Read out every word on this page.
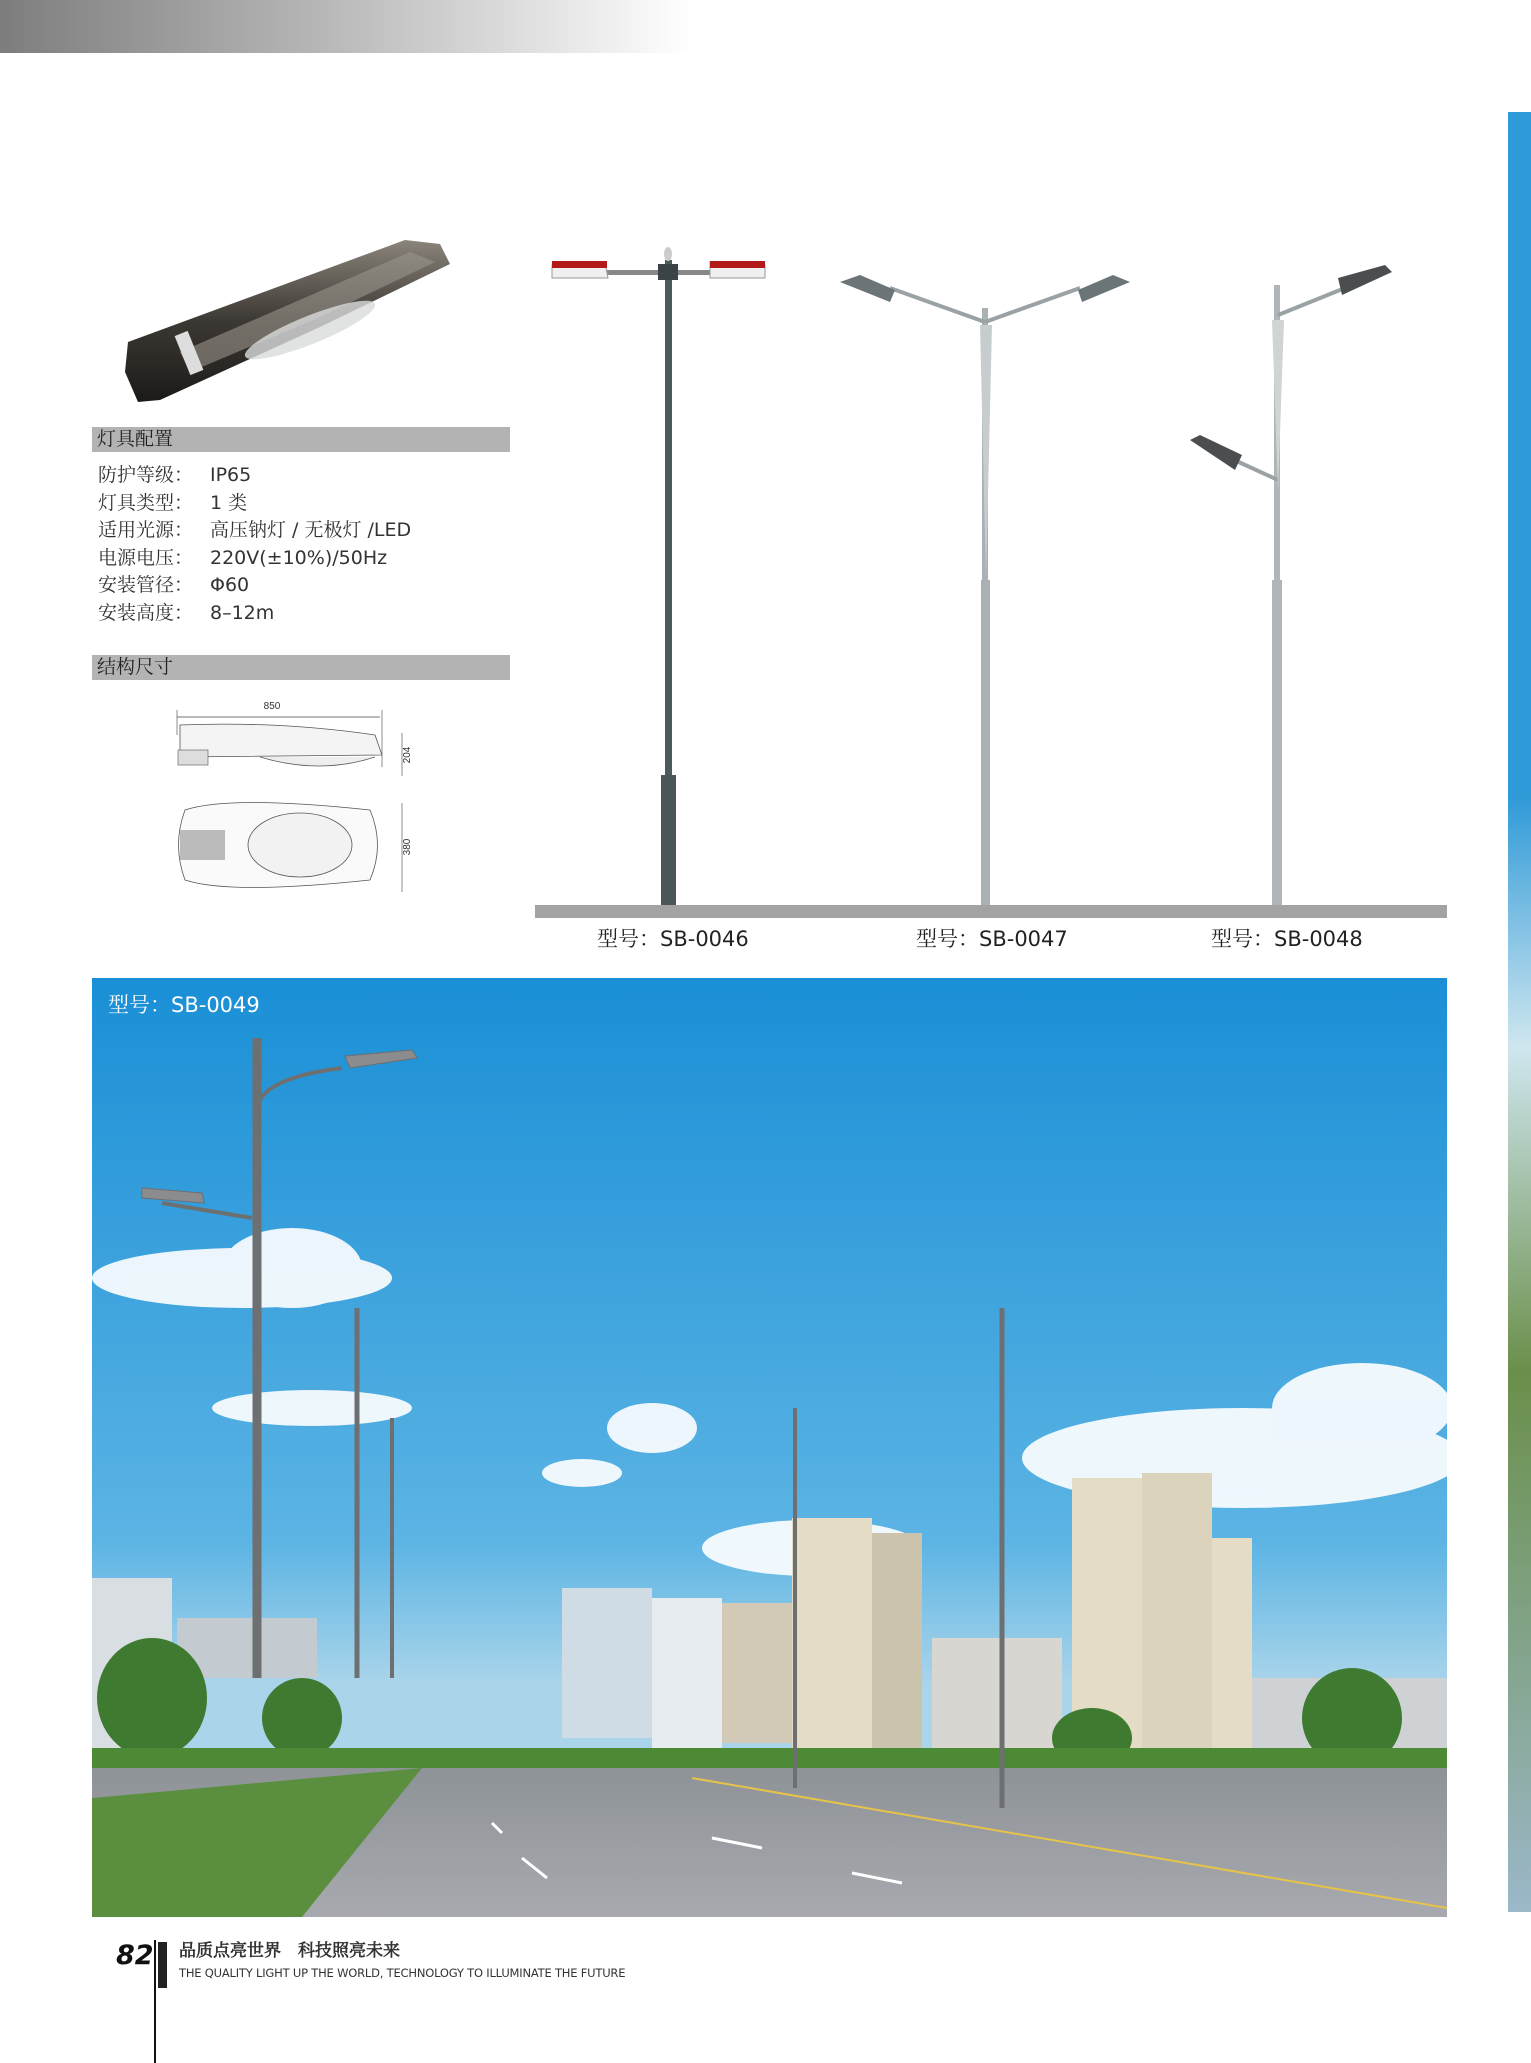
灯具配置
防护等级： IP65
灯具类型： 1 类
适用光源： 高压钠灯 / 无极灯 /LED
电源电压： 220V(±10%)/50Hz
安装管径： Φ60
安装高度： 8–12m
结构尺寸
850
204
380
型号：SB-0046	型号：SB-0047	型号：SB-0048
型号：SB-0049
82 品质点亮世界　科技照亮未来
THE QUALITY LIGHT UP THE WORLD, TECHNOLOGY TO ILLUMINATE THE FUTURE
